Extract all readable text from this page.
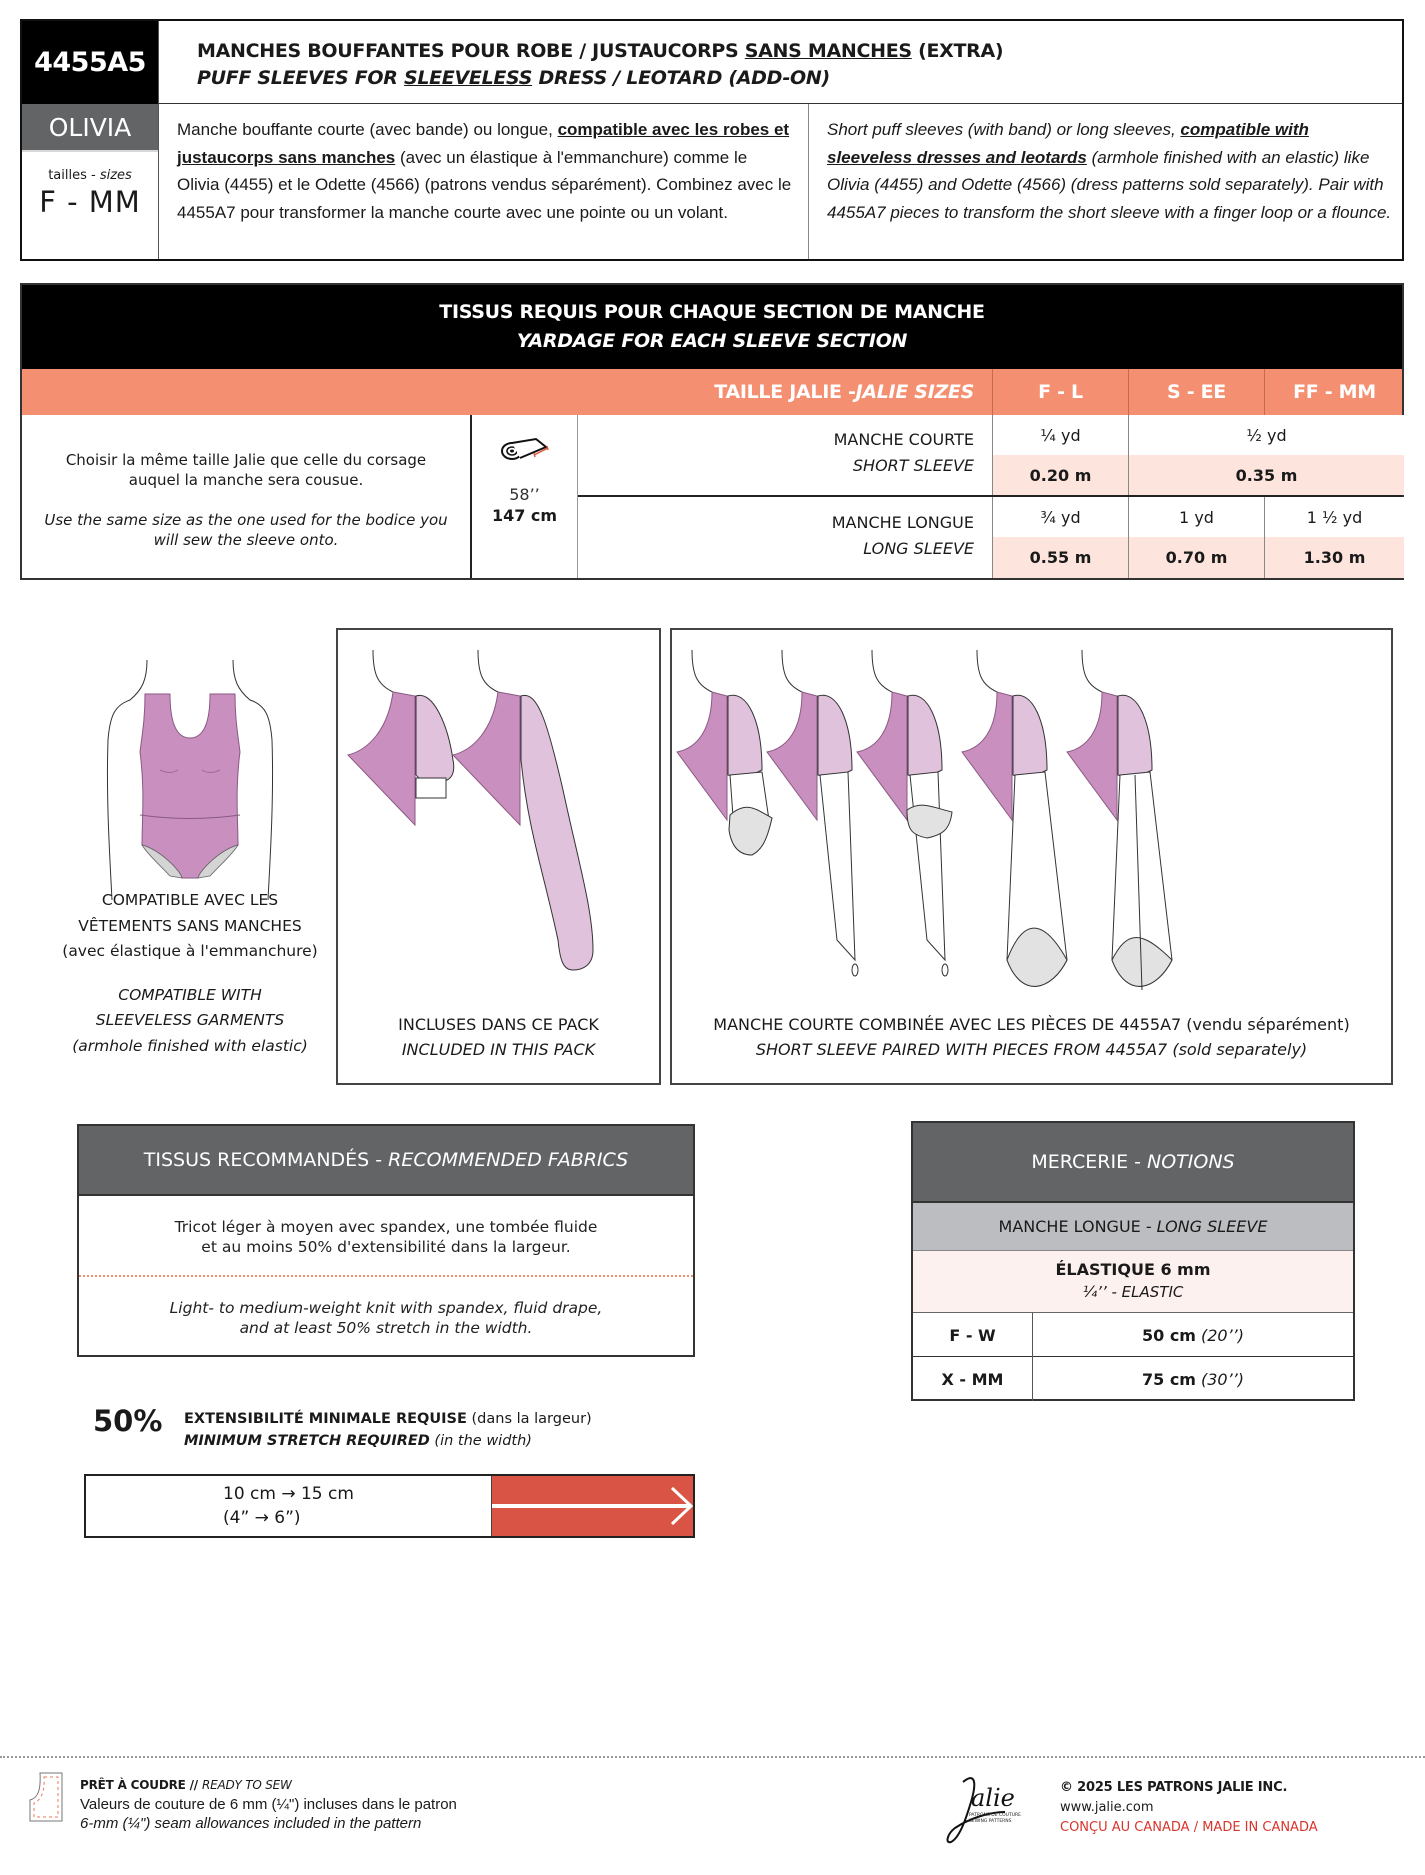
4455A5	MANCHES BOUFFANTES POUR ROBE / JUSTAUCORPS SANS MANCHES (EXTRA)
PUFF SLEEVES FOR SLEEVELESS DRESS / LEOTARD (ADD-ON)
OLIVIA
tailles - sizes
F - MM
Manche bouffante courte (avec bande) ou longue, compatible avec les robes et justaucorps sans manches (avec un élastique à l'emmanchure) comme le Olivia (4455) et le Odette (4566) (patrons vendus séparément). Combinez avec le 4455A7 pour transformer la manche courte avec une pointe ou un volant.
Short puff sleeves (with band) or long sleeves, compatible with sleeveless dresses and leotards (armhole finished with an elastic) like Olivia (4455) and Odette (4566) (dress patterns sold separately). Pair with 4455A7 pieces to transform the short sleeve with a finger loop or a flounce.
TISSUS REQUIS POUR CHAQUE SECTION DE MANCHE
YARDAGE FOR EACH SLEEVE SECTION
TAILLE JALIE - JALIE SIZES	F - L	S - EE	FF - MM
Choisir la même taille Jalie que celle du corsage auquel la manche sera cousue.
Use the same size as the one used for the bodice you will sew the sleeve onto.
58’’
147 cm
MANCHE COURTE
SHORT SLEEVE
¼ yd	½ yd
0.20 m	0.35 m
MANCHE LONGUE
LONG SLEEVE
¾ yd	1 yd	1 ½ yd
0.55 m	0.70 m	1.30 m
COMPATIBLE AVEC LES
VÊTEMENTS SANS MANCHES
(avec élastique à l'emmanchure)
COMPATIBLE WITH
SLEEVELESS GARMENTS
(armhole finished with elastic)
INCLUSES DANS CE PACK
INCLUDED IN THIS PACK
MANCHE COURTE COMBINÉE AVEC LES PIÈCES DE 4455A7 (vendu séparément)
SHORT SLEEVE PAIRED WITH PIECES FROM 4455A7 (sold separately)
TISSUS RECOMMANDÉS - RECOMMENDED FABRICS
Tricot léger à moyen avec spandex, une tombée fluide
et au moins 50% d'extensibilité dans la largeur.
Light- to medium-weight knit with spandex, fluid drape,
and at least 50% stretch in the width.
50% EXTENSIBILITÉ MINIMALE REQUISE (dans la largeur)
MINIMUM STRETCH REQUIRED (in the width)
10 cm → 15 cm
(4” → 6”)
MERCERIE - NOTIONS
MANCHE LONGUE - LONG SLEEVE
ÉLASTIQUE 6 mm
¼’’ - ELASTIC
F - W	50 cm (20’’)
X - MM	75 cm (30’’)
PRÊT À COUDRE // READY TO SEW
Valeurs de couture de 6 mm (¼") incluses dans le patron
6-mm (¼") seam allowances included in the pattern
alie
PATRONS DE COUTURE
SEWING PATTERNS
© 2025 LES PATRONS JALIE INC.
www.jalie.com
CONÇU AU CANADA / MADE IN CANADA
